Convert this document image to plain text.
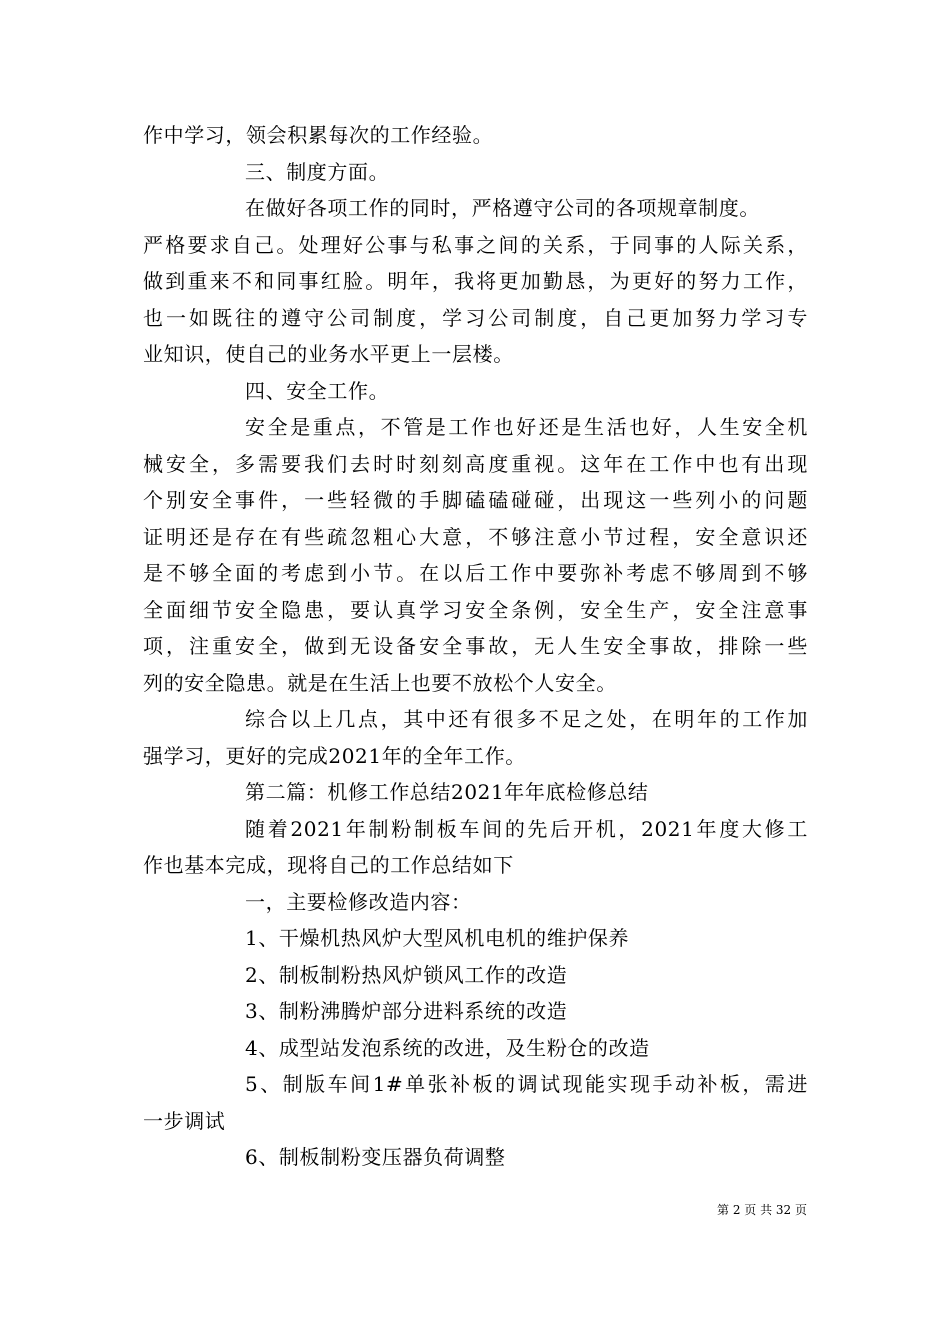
作中学习，领会积累每次的工作经验。
三、制度方面。
在做好各项工作的同时，严格遵守公司的各项规章制度。
严格要求自己。处理好公事与私事之间的关系，于同事的人际关系，
做到重来不和同事红脸。明年，我将更加勤恳，为更好的努力工作，
也一如既往的遵守公司制度，学习公司制度，自己更加努力学习专
业知识，使自己的业务水平更上一层楼。
四、安全工作。
安全是重点，不管是工作也好还是生活也好，人生安全机
械安全，多需要我们去时时刻刻高度重视。这年在工作中也有出现
个别安全事件，一些轻微的手脚磕磕碰碰，出现这一些列小的问题
证明还是存在有些疏忽粗心大意，不够注意小节过程，安全意识还
是不够全面的考虑到小节。在以后工作中要弥补考虑不够周到不够
全面细节安全隐患，要认真学习安全条例，安全生产，安全注意事
项，注重安全，做到无设备安全事故，无人生安全事故，排除一些
列的安全隐患。就是在生活上也要不放松个人安全。
综合以上几点，其中还有很多不足之处，在明年的工作加
强学习，更好的完成2021年的全年工作。
第二篇：机修工作总结2021年年底检修总结
随着2021年制粉制板车间的先后开机，2021年度大修工
作也基本完成，现将自己的工作总结如下
一，主要检修改造内容：
1、干燥机热风炉大型风机电机的维护保养
2、制板制粉热风炉锁风工作的改造
3、制粉沸腾炉部分进料系统的改造
4、成型站发泡系统的改进，及生粉仓的改造
5、制版车间1#单张补板的调试现能实现手动补板，需进
一步调试
6、制板制粉变压器负荷调整
第 2 页 共 32 页
